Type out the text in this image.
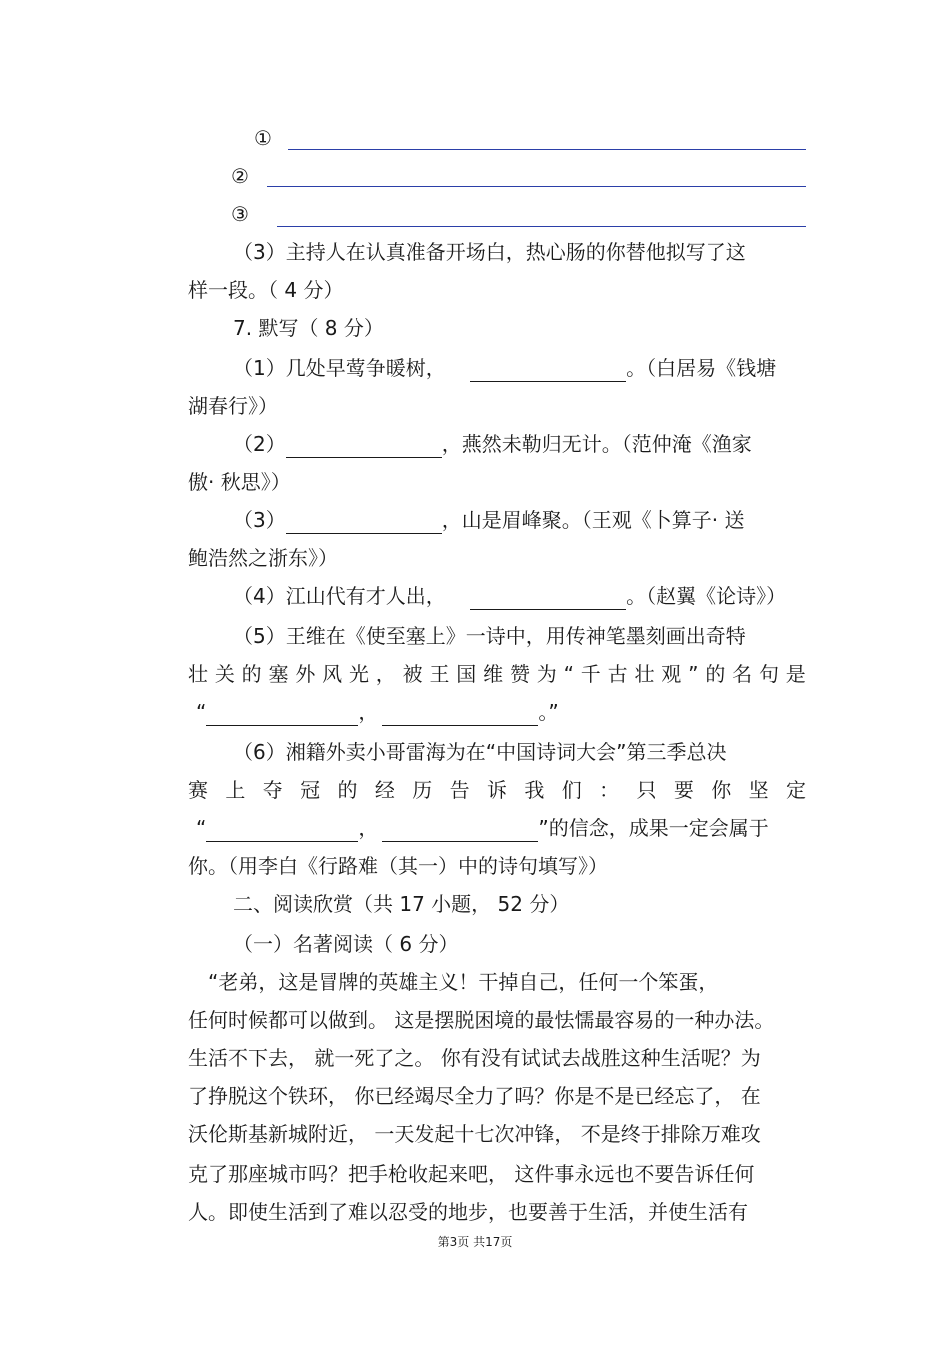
①
②
③
（3）主持人在认真准备开场白，热心肠的你替他拟写了这
样一段。（ 4 分）
7. 默写（ 8 分）
（1）几处早莺争暖树，	。（白居易《钱塘
湖春行》）
（2）	，燕然未勒归无计。（范仲淹《渔家
傲· 秋思》）
（3）	，山是眉峰聚。（王观《卜算子· 送
鲍浩然之浙东》）
（4）江山代有才人出，	。（赵翼《论诗》）
（5）王维在《使至塞上》一诗中，用传神笔墨刻画出奇特
壮 关 的 塞 外 风 光 ， 被 王 国 维 赞 为 “ 千 古 壮 观 ” 的 名 句 是
“	，	。”
（6）湘籍外卖小哥雷海为在“中国诗词大会”第三季总决
赛 上 夺 冠 的 经 历 告 诉 我 们 ： 只 要 你 坚 定
“	，	”的信念，成果一定会属于
你。（用李白《行路难（其一）中的诗句填写》）
二、阅读欣赏（共 17 小题， 52 分）
（一）名著阅读（ 6 分）
“老弟，这是冒牌的英雄主义！干掉自己，任何一个笨蛋，
任何时候都可以做到。 这是摆脱困境的最怯懦最容易的一种办法。
生活不下去， 就一死了之。 你有没有试试去战胜这种生活呢？为
了挣脱这个铁环， 你已经竭尽全力了吗？你是不是已经忘了， 在
沃伦斯基新城附近， 一天发起十七次冲锋， 不是终于排除万难攻
克了那座城市吗？把手枪收起来吧， 这件事永远也不要告诉任何
人。即使生活到了难以忍受的地步，也要善于生活，并使生活有
第3页 共17页
